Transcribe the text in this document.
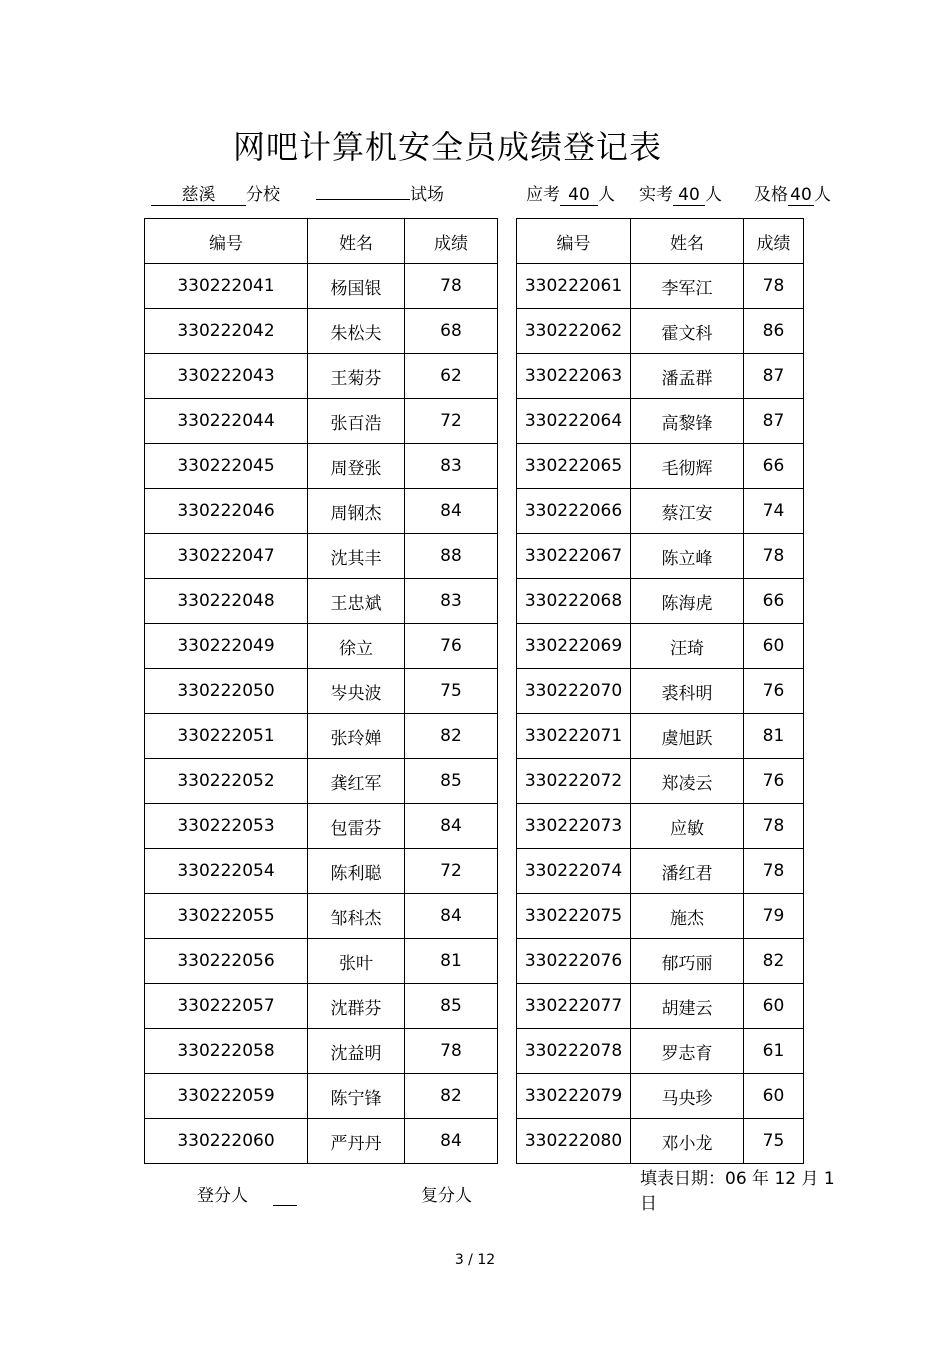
网吧计算机安全员成绩登记表
慈溪 分校	试场	应考 40 人 实考 40 人 及格 40 人
编号	姓名	成绩
330222041	杨国银	78
330222042	朱松夫	68
330222043	王菊芬	62
330222044	张百浩	72
330222045	周登张	83
330222046	周钢杰	84
330222047	沈其丰	88
330222048	王忠斌	83
330222049	徐立	76
330222050	岑央波	75
330222051	张玲婵	82
330222052	龚红军	85
330222053	包雷芬	84
330222054	陈利聪	72
330222055	邹科杰	84
330222056	张叶	81
330222057	沈群芬	85
330222058	沈益明	78
330222059	陈宁锋	82
330222060	严丹丹	84
编号	姓名	成绩
330222061	李军江	78
330222062	霍文科	86
330222063	潘孟群	87
330222064	高黎锋	87
330222065	毛彻辉	66
330222066	蔡江安	74
330222067	陈立峰	78
330222068	陈海虎	66
330222069	汪琦	60
330222070	裘科明	76
330222071	虞旭跃	81
330222072	郑凌云	76
330222073	应敏	78
330222074	潘红君	78
330222075	施杰	79
330222076	郁巧丽	82
330222077	胡建云	60
330222078	罗志育	61
330222079	马央珍	60
330222080	邓小龙	75
登分人	复分人
填表日期：06 年 12 月 1
日
3 / 12
